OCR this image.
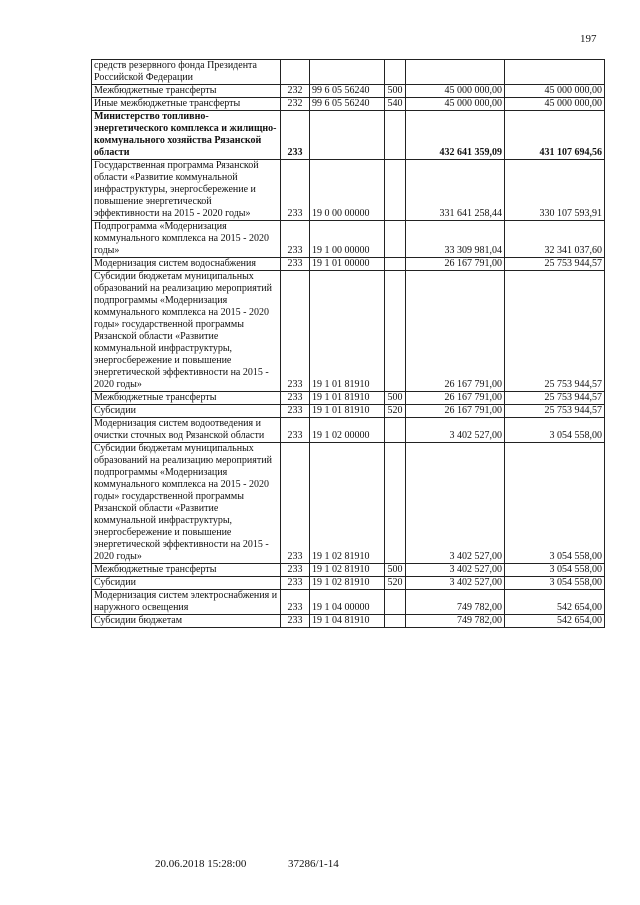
197
средств резервного фонда Президента Российской Федерации					
Межбюджетные трансферты	232	99 6 05 56240	500	45 000 000,00	45 000 000,00
Иные межбюджетные трансферты	232	99 6 05 56240	540	45 000 000,00	45 000 000,00
Министерство топливно-энергетического комплекса и жилищно-коммунального хозяйства Рязанской области	233			432 641 359,09	431 107 694,56
Государственная программа Рязанской области «Развитие коммунальной инфраструктуры, энергосбережение и повышение энергетической эффективности на 2015 - 2020 годы»	233	19 0 00 00000		331 641 258,44	330 107 593,91
Подпрограмма «Модернизация коммунального комплекса на 2015 - 2020 годы»	233	19 1 00 00000		33 309 981,04	32 341 037,60
Модернизация систем водоснабжения	233	19 1 01 00000		26 167 791,00	25 753 944,57
Субсидии бюджетам муниципальных образований на реализацию мероприятий подпрограммы «Модернизация коммунального комплекса на 2015 - 2020 годы» государственной программы Рязанской области «Развитие коммунальной инфраструктуры, энергосбережение и повышение энергетической эффективности на 2015 - 2020 годы»	233	19 1 01 81910		26 167 791,00	25 753 944,57
Межбюджетные трансферты	233	19 1 01 81910	500	26 167 791,00	25 753 944,57
Субсидии	233	19 1 01 81910	520	26 167 791,00	25 753 944,57
Модернизация систем водоотведения и очистки сточных вод Рязанской области	233	19 1 02 00000		3 402 527,00	3 054 558,00
Субсидии бюджетам муниципальных образований на реализацию мероприятий подпрограммы «Модернизация коммунального комплекса на 2015 - 2020 годы» государственной программы Рязанской области «Развитие коммунальной инфраструктуры, энергосбережение и повышение энергетической эффективности на 2015 - 2020 годы»	233	19 1 02 81910		3 402 527,00	3 054 558,00
Межбюджетные трансферты	233	19 1 02 81910	500	3 402 527,00	3 054 558,00
Субсидии	233	19 1 02 81910	520	3 402 527,00	3 054 558,00
Модернизация систем электроснабжения и наружного освещения	233	19 1 04 00000		749 782,00	542 654,00
Субсидии бюджетам	233	19 1 04 81910		749 782,00	542 654,00
20.06.2018 15:28:00	37286/1-14
